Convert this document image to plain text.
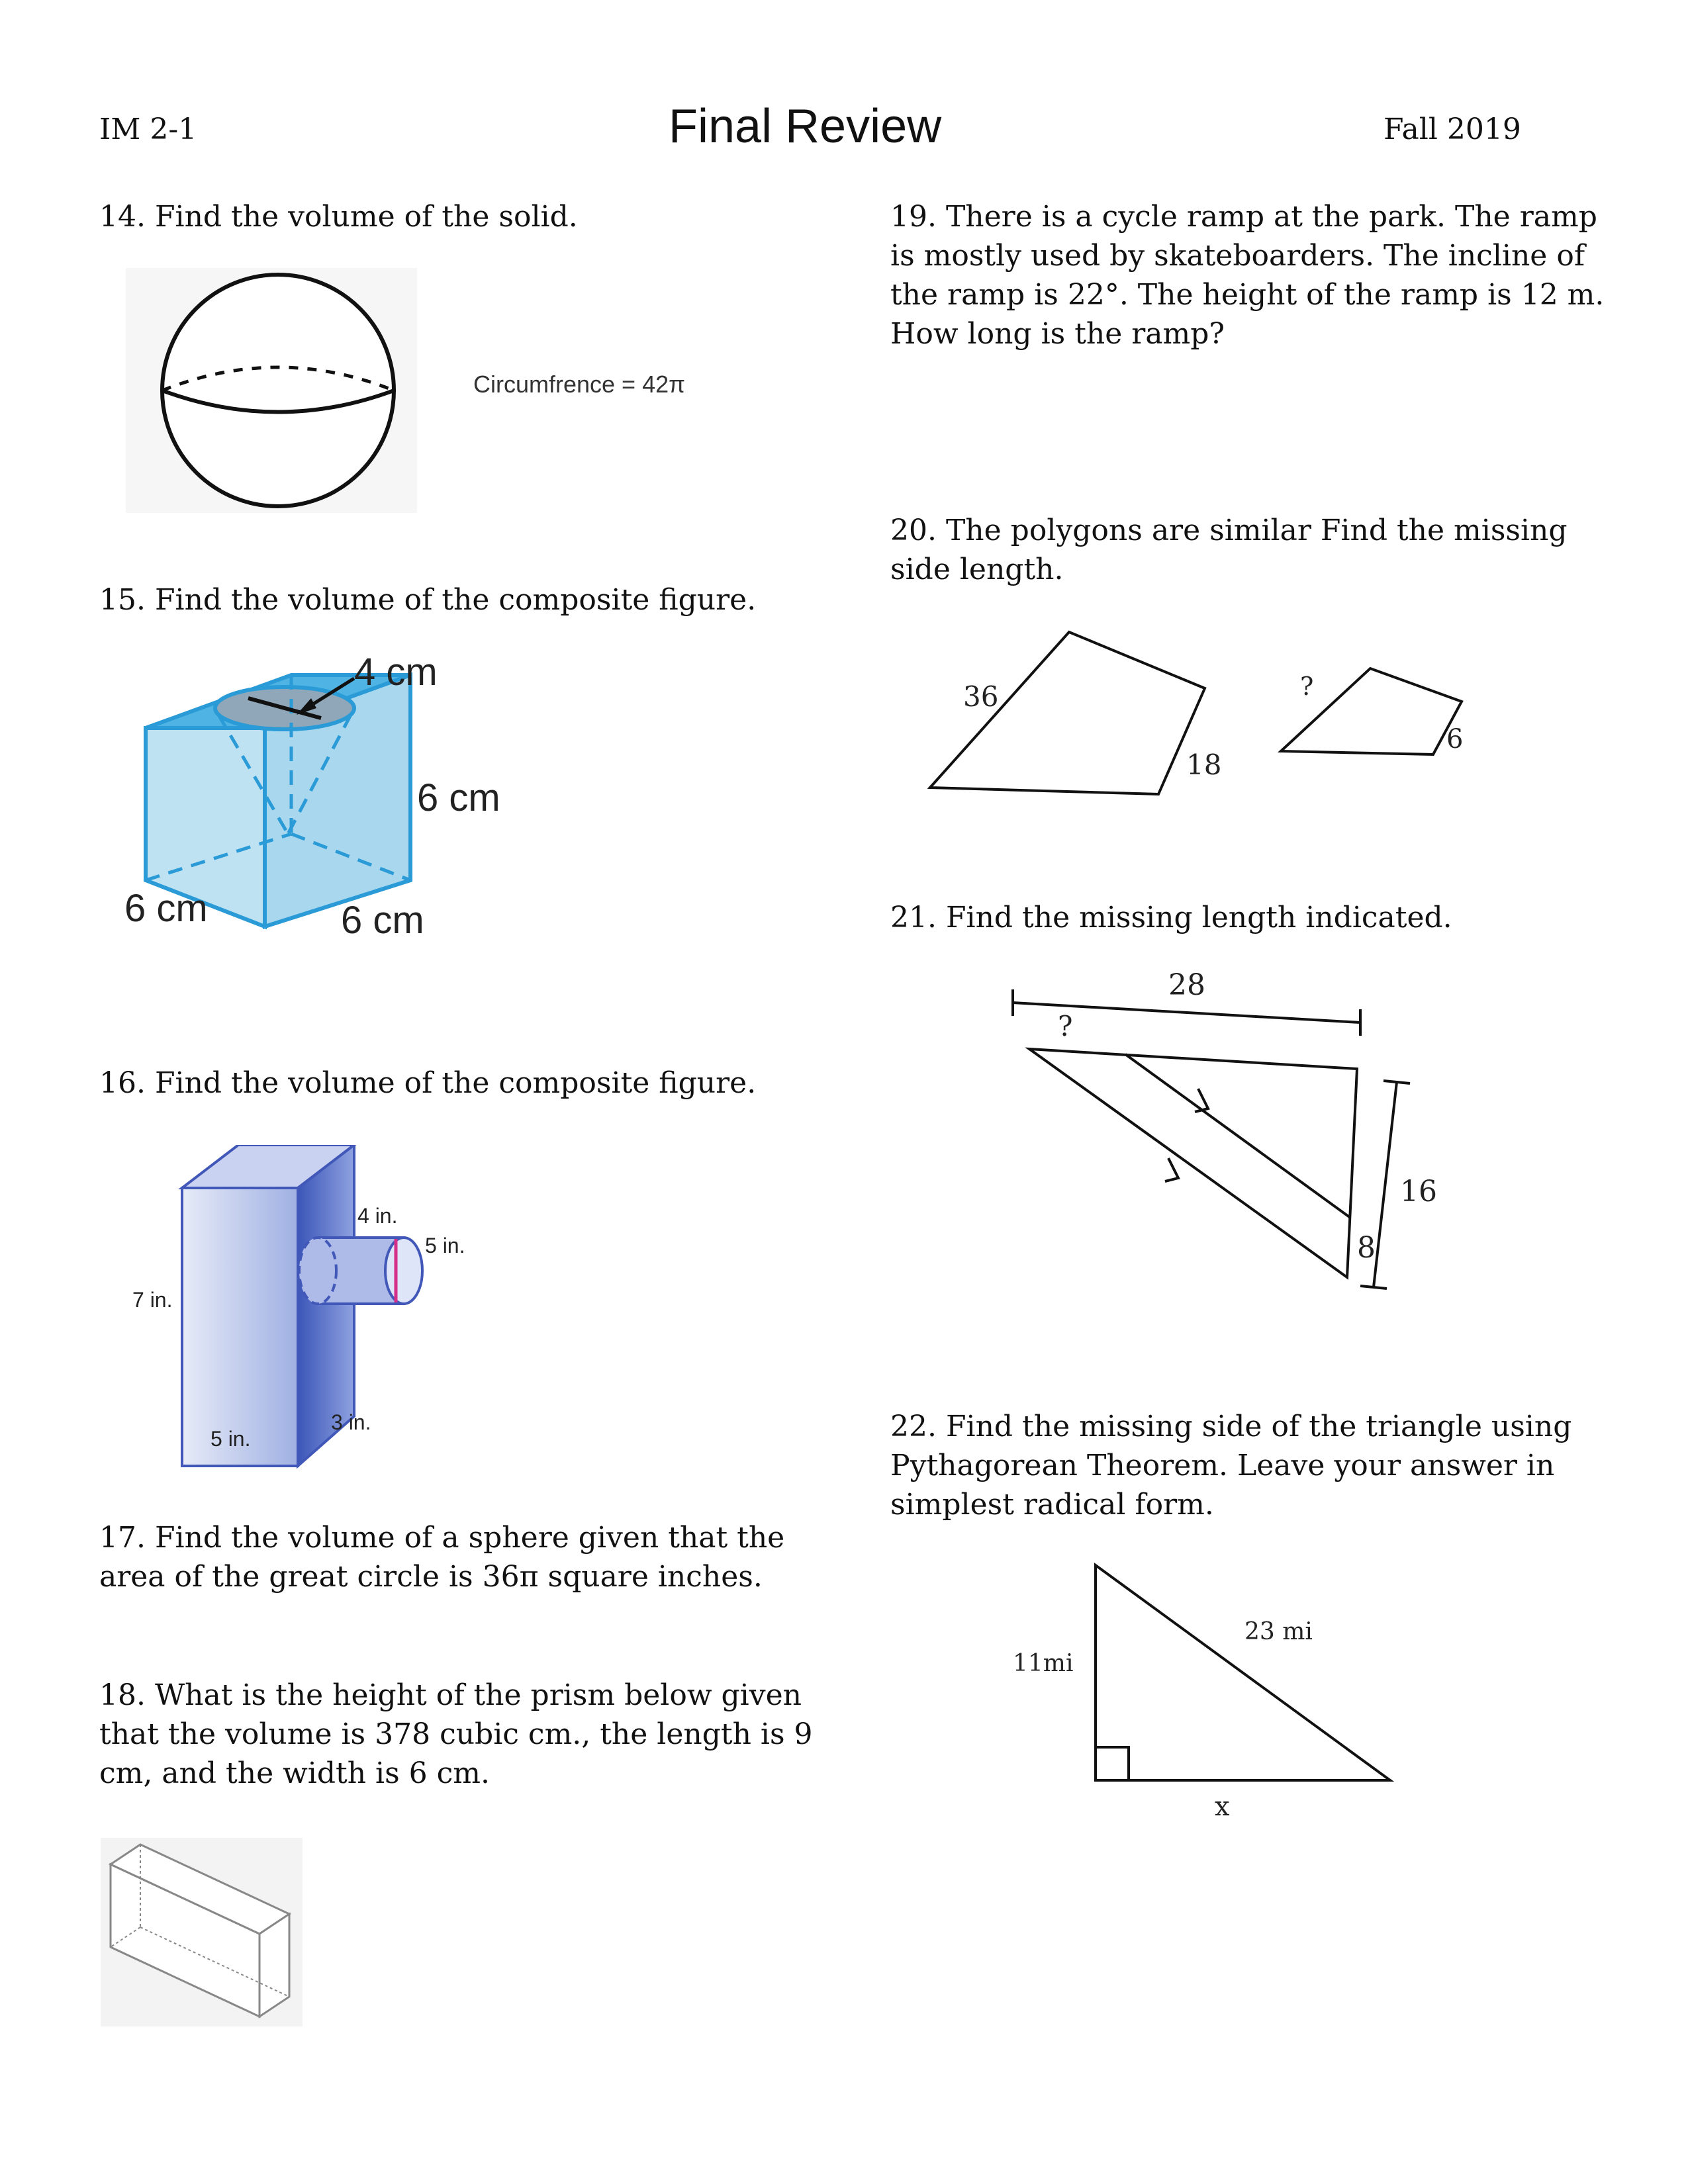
IM 2-1	Final Review	Fall 2019
14. Find the volume of the solid.
Circumfrence = 42π
15. Find the volume of the composite figure.
4 cm
6 cm
6 cm	6 cm
16. Find the volume of the composite figure.
4 in.
5 in.
7 in.
5 in.
3 in.
17. Find the volume of a sphere given that the
area of the great circle is 36π square inches.
18. What is the height of the prism below given
that the volume is 378 cubic cm., the length is 9
cm, and the width is 6 cm.
19. There is a cycle ramp at the park. The ramp
is mostly used by skateboarders. The incline of
the ramp is 22°. The height of the ramp is 12 m.
How long is the ramp?
20. The polygons are similar Find the missing
side length.
36
18
?
6
21. Find the missing length indicated.
28
?
16
8
22. Find the missing side of the triangle using
Pythagorean Theorem. Leave your answer in
simplest radical form.
11mi
23 mi
x
